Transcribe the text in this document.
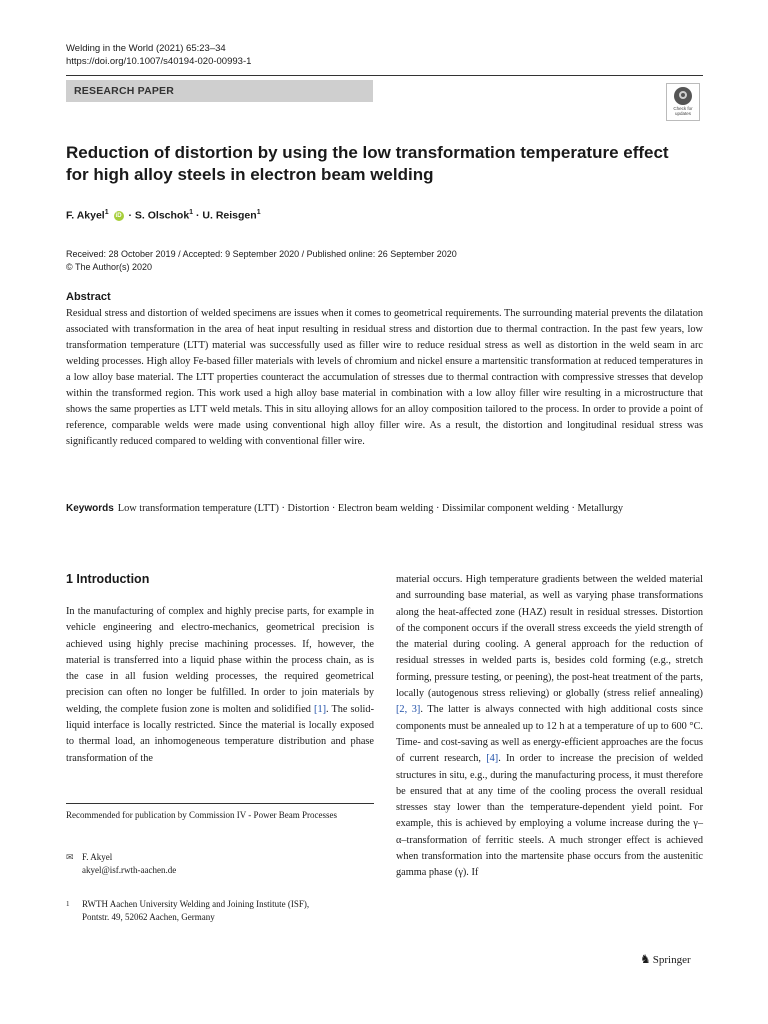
Welding in the World (2021) 65:23–34
https://doi.org/10.1007/s40194-020-00993-1
RESEARCH PAPER
Check for
updates
Reduction of distortion by using the low transformation temperature effect for high alloy steels in electron beam welding
F. Akyel$^1$ iD · S. Olschok$^1$ · U. Reisgen$^1$
Received: 28 October 2019 / Accepted: 9 September 2020 / Published online: 26 September 2020
© The Author(s) 2020
Abstract
Residual stress and distortion of welded specimens are issues when it comes to geometrical requirements. The surrounding material prevents the dilatation associated with transformation in the area of heat input resulting in residual stress and distortion due to thermal contraction. In the past few years, low transformation temperature (LTT) material was successfully used as filler wire to reduce residual stress as well as distortion in the weld seam in arc welding processes. High alloy Fe-based filler materials with levels of chromium and nickel ensure a martensitic transformation at reduced temperatures in a low alloy base material. The LTT properties counteract the accumulation of stresses due to thermal contraction with compressive stresses that develop within the transformed region. This work used a high alloy base material in combination with a low alloy filler wire resulting in a microstructure that shows the same properties as LTT weld metals. This in situ alloying allows for an alloy composition tailored to the process. In order to provide a point of reference, comparable welds were made using conventional high alloy filler wire. As a result, the distortion and longitudinal residual stress was significantly reduced compared to welding with conventional filler wire.
Keywords Low transformation temperature (LTT) · Distortion · Electron beam welding · Dissimilar component welding · Metallurgy
1 Introduction
In the manufacturing of complex and highly precise parts, for example in vehicle engineering and electro-mechanics, geometrical precision is achieved using highly precise machining processes. If, however, the material is transferred into a liquid phase within the process chain, as is the case in all fusion welding processes, the required geometrical precision can often no longer be fulfilled. In order to join materials by welding, the complete fusion zone is molten and solidified [1]. The solid-liquid interface is locally restricted. Since the material is locally exposed to thermal load, an inhomogeneous temperature distribution and phase transformation of the
material occurs. High temperature gradients between the welded material and surrounding base material, as well as varying phase transformations along the heat-affected zone (HAZ) result in residual stresses. Distortion of the component occurs if the overall stress exceeds the yield strength of the material during cooling. A general approach for the reduction of residual stresses in welded parts is, besides cold forming (e.g., stretch forming, pressure testing, or peening), the post-heat treatment of the parts, locally (autogenous stress relieving) or globally (stress relief annealing) [2, 3]. The latter is always connected with high additional costs since components must be annealed up to 12 h at a temperature of up to 600 °C. Time- and cost-saving as well as energy-efficient approaches are the focus of current research, [4]. In order to increase the precision of welded structures in situ, e.g., during the manufacturing process, it must therefore be ensured that at any time of the cooling process the overall residual stresses stay lower than the temperature-dependent yield point. For example, this is achieved by employing a volume increase during the γ–α–transformation of ferritic steels. A much stronger effect is achieved when transformation into the martensite phase occurs from the austenitic gamma phase (γ). If
Recommended for publication by Commission IV - Power Beam Processes
✉ F. Akyel
akyel@isf.rwth-aachen.de
1 RWTH Aachen University Welding and Joining Institute (ISF),
Pontstr. 49, 52062 Aachen, Germany
♞ Springer
